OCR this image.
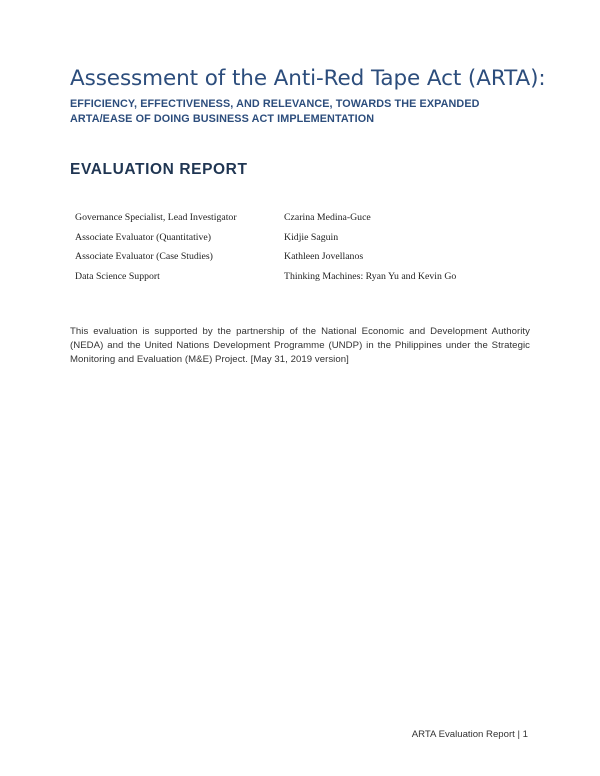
Assessment of the Anti-Red Tape Act (ARTA):
EFFICIENCY, EFFECTIVENESS, AND RELEVANCE, TOWARDS THE EXPANDED ARTA/EASE OF DOING BUSINESS ACT IMPLEMENTATION
EVALUATION REPORT
Governance Specialist, Lead Investigator	Czarina Medina-Guce
Associate Evaluator (Quantitative)	Kidjie Saguin
Associate Evaluator (Case Studies)	Kathleen Jovellanos
Data Science Support	Thinking Machines: Ryan Yu and Kevin Go

This evaluation is supported by the partnership of the National Economic and Development Authority (NEDA) and the United Nations Development Programme (UNDP) in the Philippines under the Strategic Monitoring and Evaluation (M&E) Project. [May 31, 2019 version]

ARTA Evaluation Report | 1
